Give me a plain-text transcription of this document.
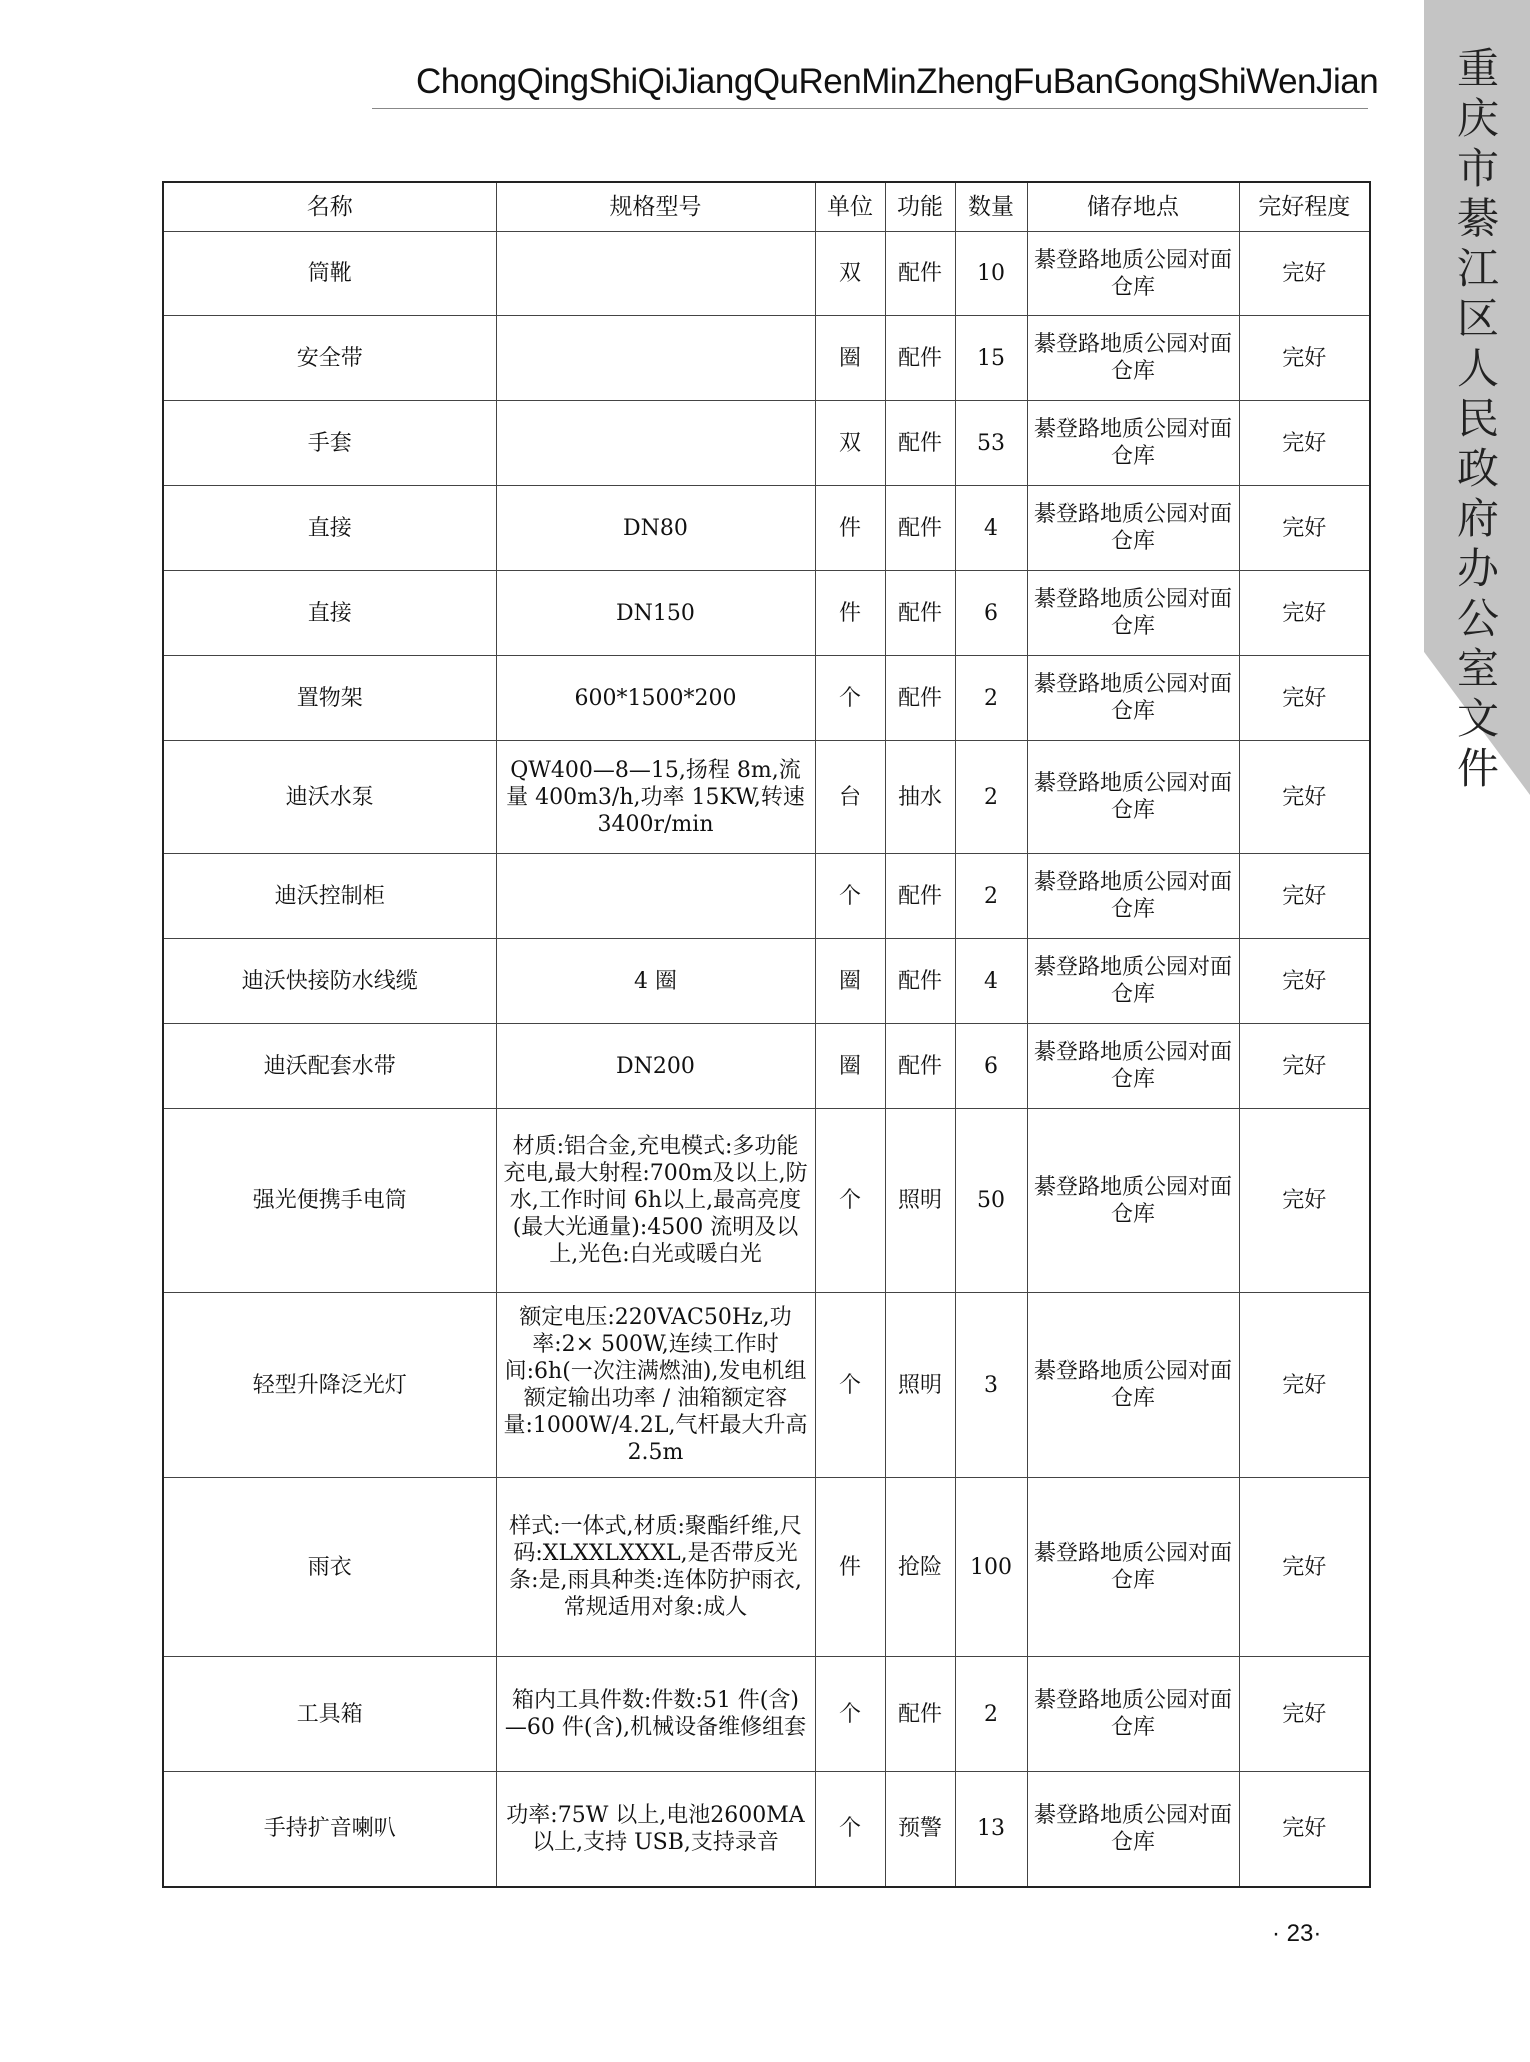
ChongQingShiQiJiangQuRenMinZhengFuBanGongShiWenJian	重庆市綦江区人民政府办公室文件
名称	规格型号	单位	功能	数量	储存地点	完好程度
筒靴		双	配件	10	綦登路地质公园对面仓库	完好
安全带		圈	配件	15	綦登路地质公园对面仓库	完好
手套		双	配件	53	綦登路地质公园对面仓库	完好
直接	DN80	件	配件	4	綦登路地质公园对面仓库	完好
直接	DN150	件	配件	6	綦登路地质公园对面仓库	完好
置物架	600*1500*200	个	配件	2	綦登路地质公园对面仓库	完好
迪沃水泵	QW400—8—15,扬程 8m,流量 400m3/h,功率 15KW,转速 3400r/min	台	抽水	2	綦登路地质公园对面仓库	完好
迪沃控制柜		个	配件	2	綦登路地质公园对面仓库	完好
迪沃快接防水线缆	4 圈	圈	配件	4	綦登路地质公园对面仓库	完好
迪沃配套水带	DN200	圈	配件	6	綦登路地质公园对面仓库	完好
强光便携手电筒	材质:铝合金,充电模式:多功能充电,最大射程:700m及以上,防水,工作时间 6h以上,最高亮度(最大光通量):4500 流明及以上,光色:白光或暖白光	个	照明	50	綦登路地质公园对面仓库	完好
轻型升降泛光灯	额定电压:220VAC50Hz,功率:2× 500W,连续工作时间:6h(一次注满燃油),发电机组额定输出功率 / 油箱额定容量:1000W/4.2L,气杆最大升高 2.5m	个	照明	3	綦登路地质公园对面仓库	完好
雨衣	样式:一体式,材质:聚酯纤维,尺码:XLXXLXXXL,是否带反光条:是,雨具种类:连体防护雨衣,常规适用对象:成人	件	抢险	100	綦登路地质公园对面仓库	完好
工具箱	箱内工具件数:件数:51 件(含)—60 件(含),机械设备维修组套	个	配件	2	綦登路地质公园对面仓库	完好
手持扩音喇叭	功率:75W 以上,电池2600MA 以上,支持 USB,支持录音	个	预警	13	綦登路地质公园对面仓库	完好
· 23·
